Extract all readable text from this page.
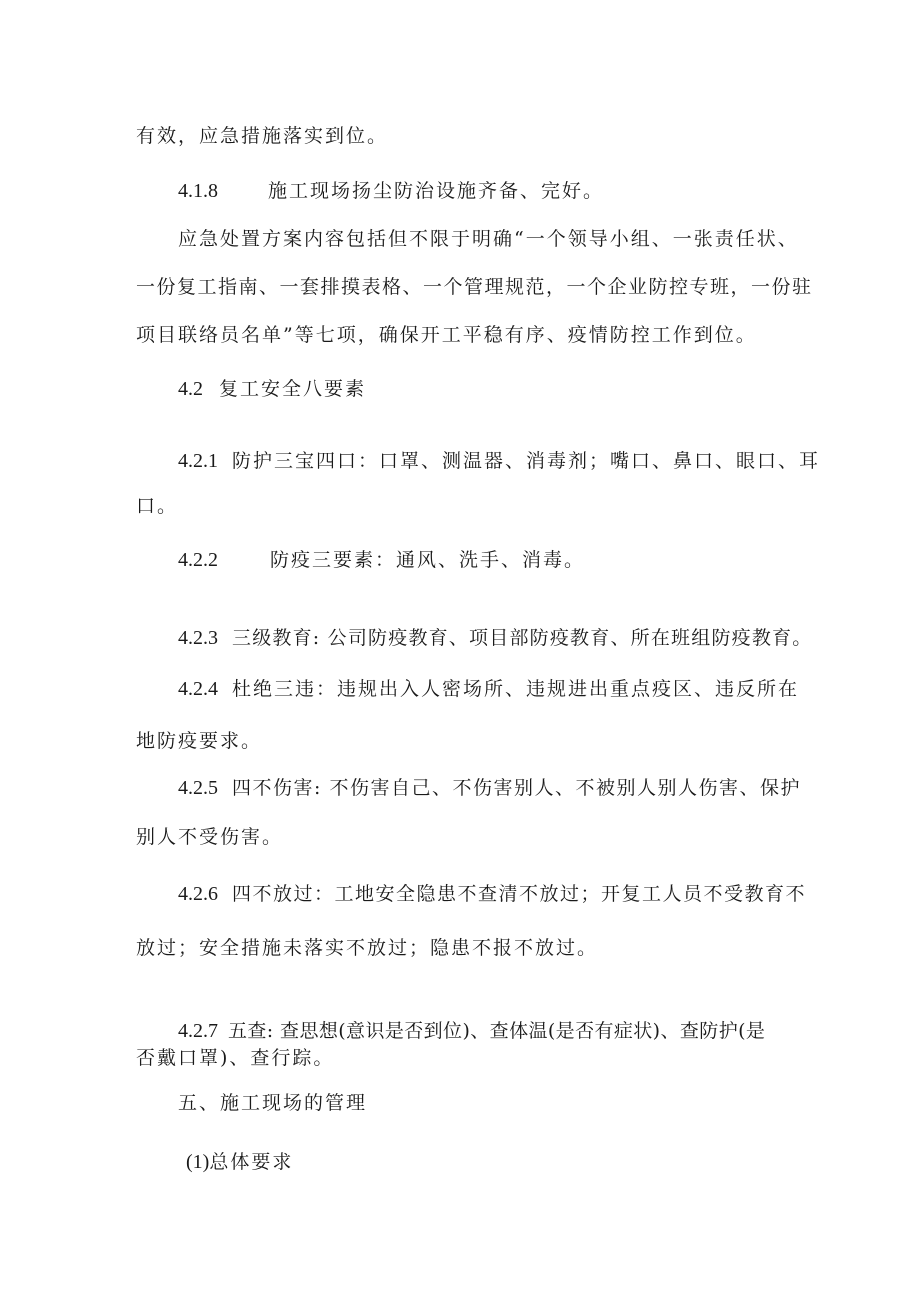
有效，应急措施落实到位。

4.1.8	施工现场扬尘防治设施齐备、完好。

应急处置方案内容包括但不限于明确“一个领导小组、一张责任状、

一份复工指南、一套排摸表格、一个管理规范，一个企业防控专班，一份驻

项目联络员名单”等七项，确保开工平稳有序、疫情防控工作到位。

4.2 复工安全八要素

4.2.1 防护三宝四口：口罩、测温器、消毒剂；嘴口、鼻口、眼口、耳

口。

4.2.2	防疫三要素：通风、洗手、消毒。

4.2.3 三级教育: 公司防疫教育、项目部防疫教育、所在班组防疫教育。

4.2.4 杜绝三违：违规出入人密场所、违规进出重点疫区、违反所在

地防疫要求。

4.2.5 四不伤害: 不伤害自己、不伤害别人、不被别人别人伤害、保护

别人不受伤害。

4.2.6 四不放过：工地安全隐患不查清不放过；开复工人员不受教育不

放过；安全措施未落实不放过；隐患不报不放过。

4.2.7 五查: 查思想(意识是否到位)、查体温(是否有症状)、查防护(是

否戴口罩)、查行踪。

五、施工现场的管理

(1)总体要求
